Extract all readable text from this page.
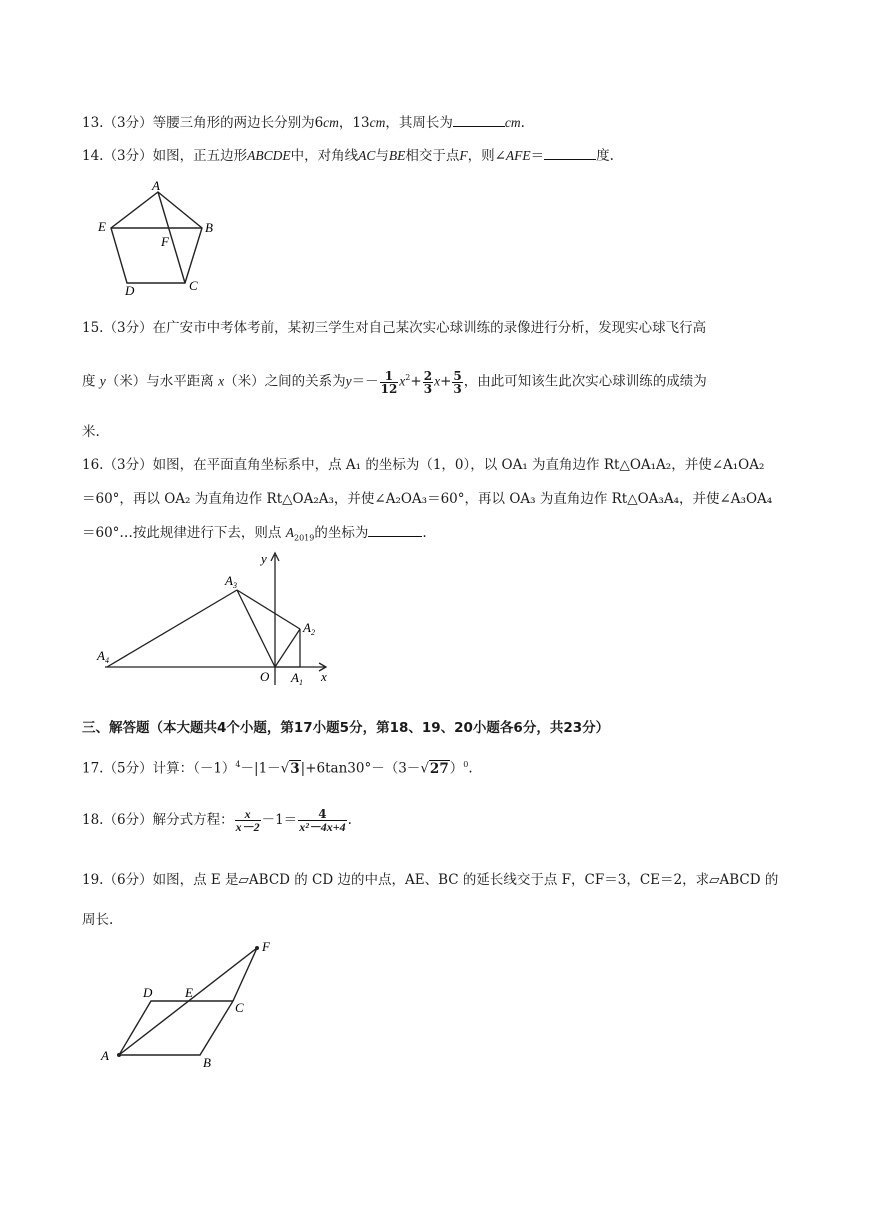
13.（3分）等腰三角形的两边长分别为6cm，13cm，其周长为	cm.
14.（3分）如图，正五边形ABCDE中，对角线AC与BE相交于点F，则∠AFE＝	度.
A
B
C
D
E
F
15.（3分）在广安市中考体考前，某初三学生对自己某次实心球训练的录像进行分析，发现实心球飞行高
度 y（米）与水平距离 x（米）之间的关系为$y=- \frac{1}{12} x^2+ \frac{2}{3} x+ \frac{5}{3}$ ，由此可知该生此次实心球训练的成绩为
米.
16.（3分）如图，在平面直角坐标系中，点 A₁ 的坐标为（1，0），以 OA₁ 为直角边作 Rt△OA₁A₂，并使∠A₁OA₂
＝60°，再以 OA₂ 为直角边作 Rt△OA₂A₃，并使∠A₂OA₃＝60°，再以 OA₃ 为直角边作 Rt△OA₃A₄，并使∠A₃OA₄
＝60°…按此规律进行下去，则点 $A_{2019}$的坐标为	.
y
x
O $A_1$
$A_2$
$A_3$
$A_4$
三、解答题（本大题共4个小题，第17小题5分，第18、19、20小题各6分，共23分）
17.（5分）计算：$(-1)^4-|1-√3|+6\tan 30^\circ-(3-√27)^0$.
18.（6分）解分式方程： $\frac{x}{x-2} -1= \frac{4}{\text{x²－4x+4}}$ .
19.（6分）如图，点 E 是▱ABCD 的 CD 边的中点，AE、BC 的延长线交于点 F，CF＝3，CE＝2，求▱ABCD 的
周长.
A	B
C
D	E
F
